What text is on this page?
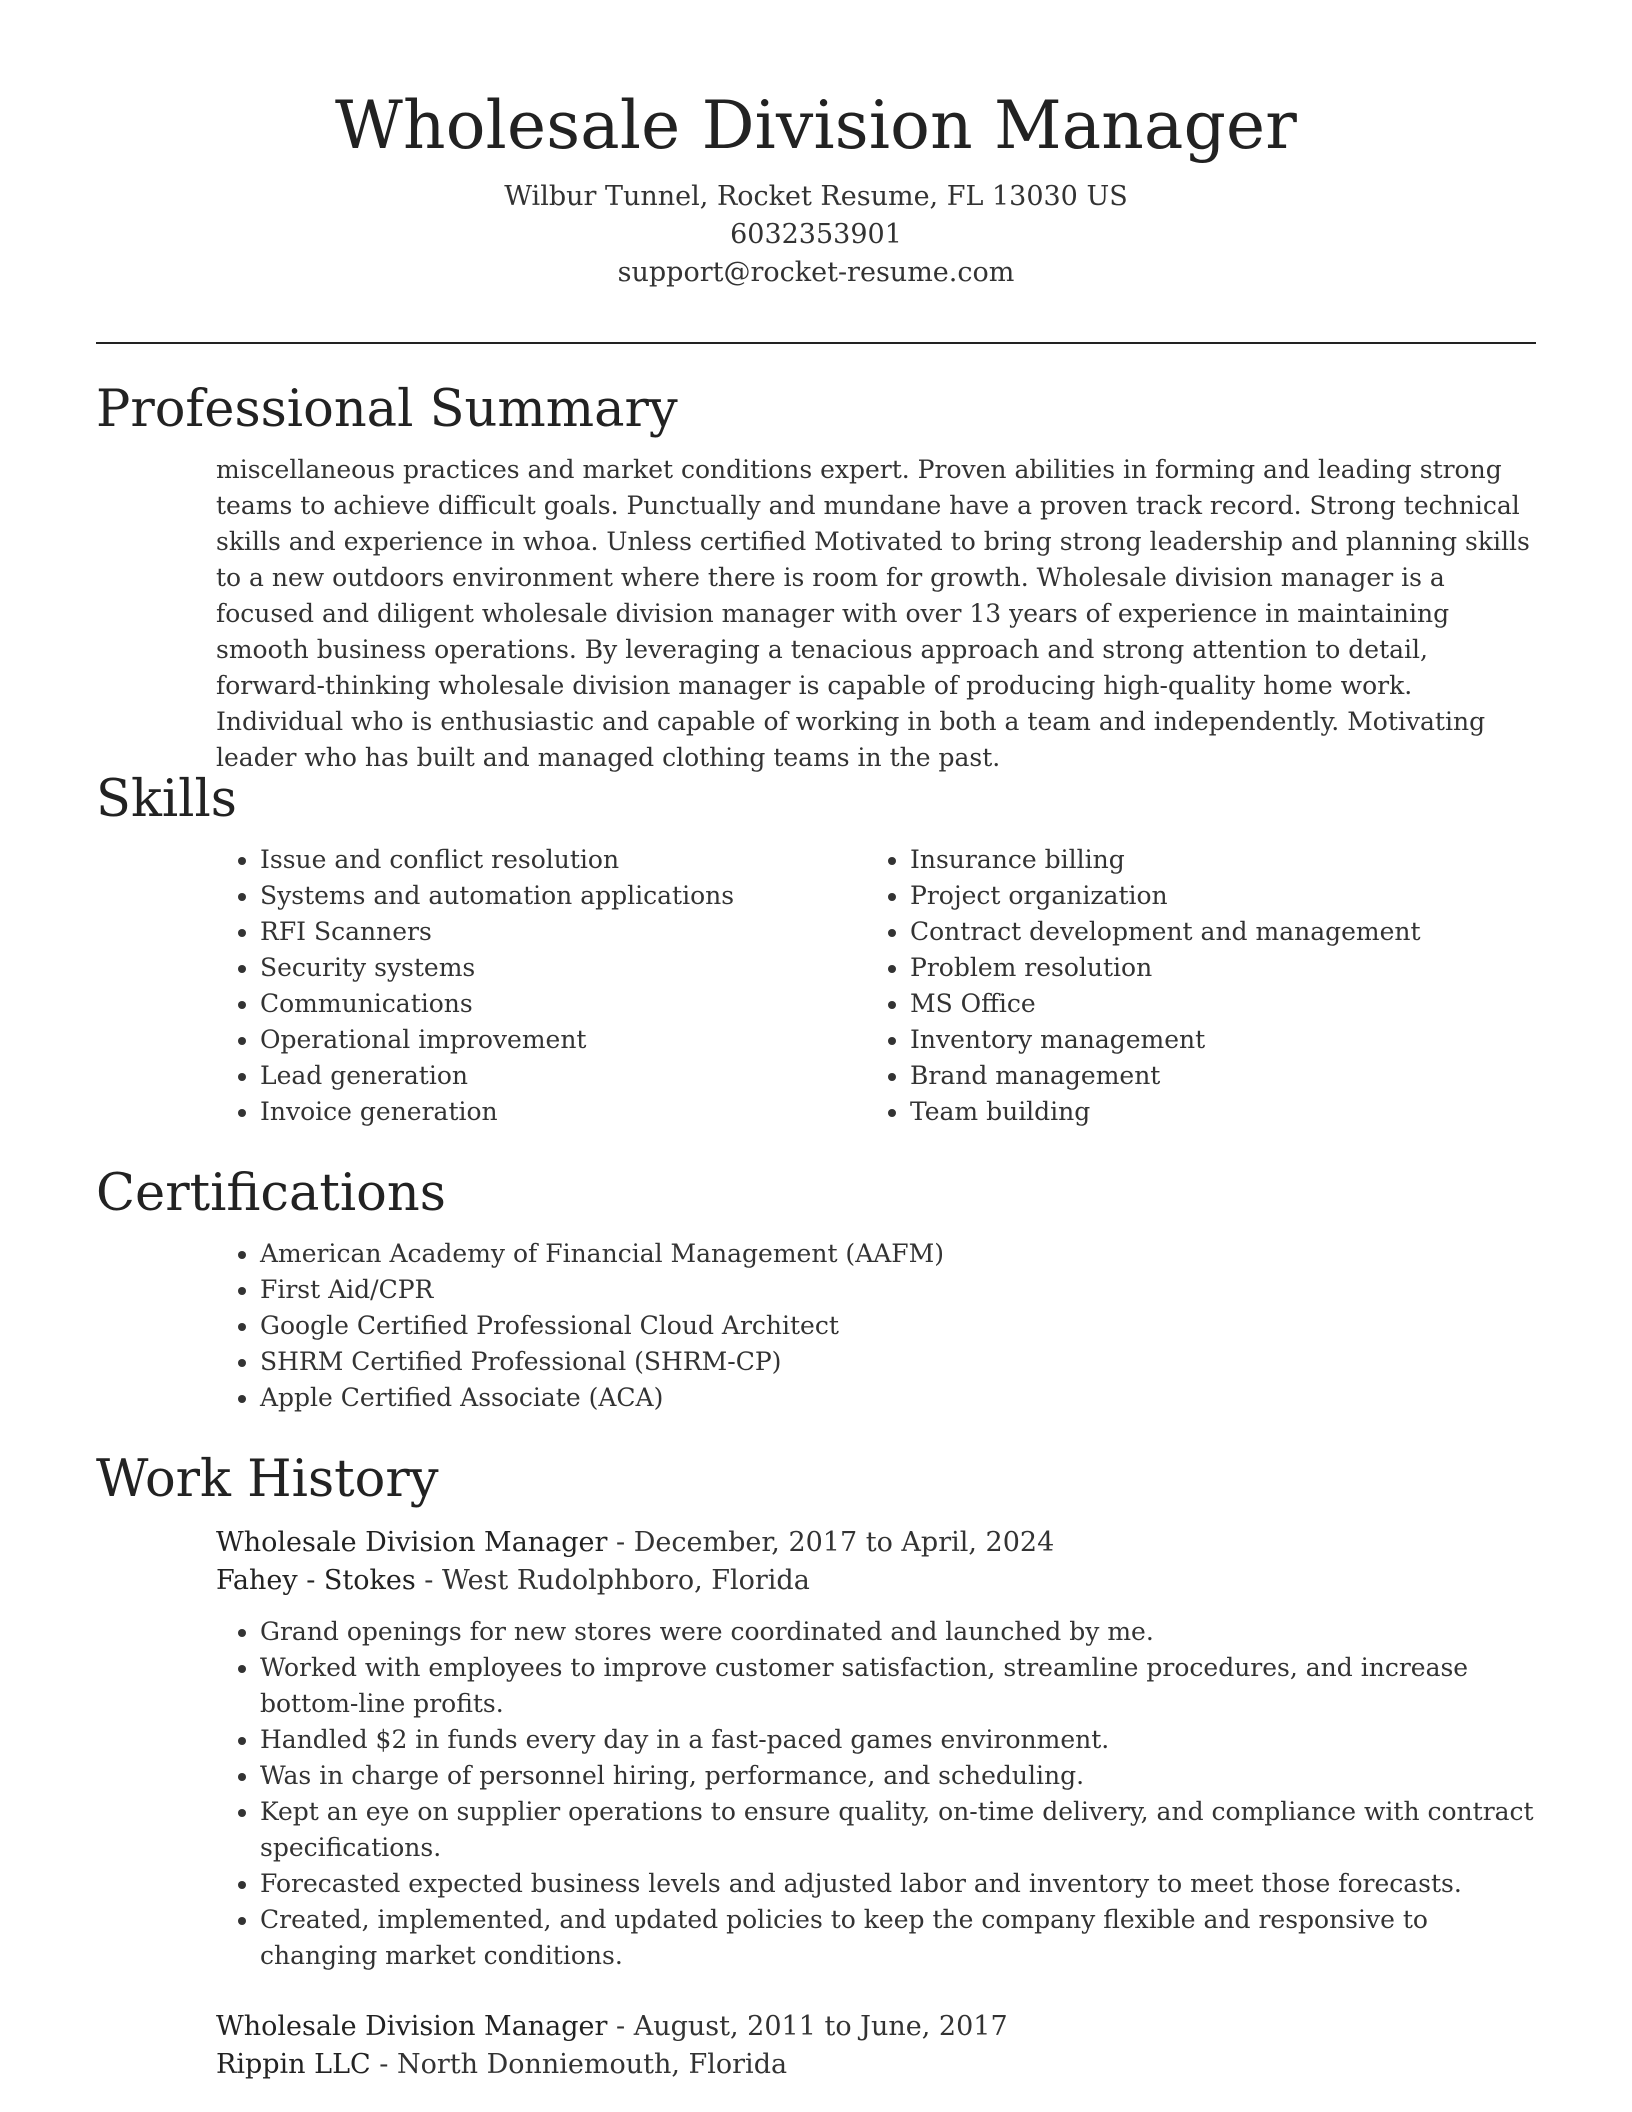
Wholesale Division Manager
Wilbur Tunnel, Rocket Resume, FL 13030 US
6032353901
support@rocket-resume.com
Professional Summary
miscellaneous practices and market conditions expert. Proven abilities in forming and leading strong teams to achieve difficult goals. Punctually and mundane have a proven track record. Strong technical skills and experience in whoa. Unless certified Motivated to bring strong leadership and planning skills to a new outdoors environment where there is room for growth. Wholesale division manager is a focused and diligent wholesale division manager with over 13 years of experience in maintaining smooth business operations. By leveraging a tenacious approach and strong attention to detail, forward-thinking wholesale division manager is capable of producing high-quality home work. Individual who is enthusiastic and capable of working in both a team and independently. Motivating leader who has built and managed clothing teams in the past.
Skills
• Issue and conflict resolution
• Systems and automation applications
• RFI Scanners
• Security systems
• Communications
• Operational improvement
• Lead generation
• Invoice generation
• Insurance billing
• Project organization
• Contract development and management
• Problem resolution
• MS Office
• Inventory management
• Brand management
• Team building
Certifications
• American Academy of Financial Management (AAFM)
• First Aid/CPR
• Google Certified Professional Cloud Architect
• SHRM Certified Professional (SHRM-CP)
• Apple Certified Associate (ACA)
Work History
Wholesale Division Manager - December, 2017 to April, 2024
Fahey - Stokes - West Rudolphboro, Florida
• Grand openings for new stores were coordinated and launched by me.
• Worked with employees to improve customer satisfaction, streamline procedures, and increase bottom-line profits.
• Handled $2 in funds every day in a fast-paced games environment.
• Was in charge of personnel hiring, performance, and scheduling.
• Kept an eye on supplier operations to ensure quality, on-time delivery, and compliance with contract specifications.
• Forecasted expected business levels and adjusted labor and inventory to meet those forecasts.
• Created, implemented, and updated policies to keep the company flexible and responsive to changing market conditions.
Wholesale Division Manager - August, 2011 to June, 2017
Rippin LLC - North Donniemouth, Florida
